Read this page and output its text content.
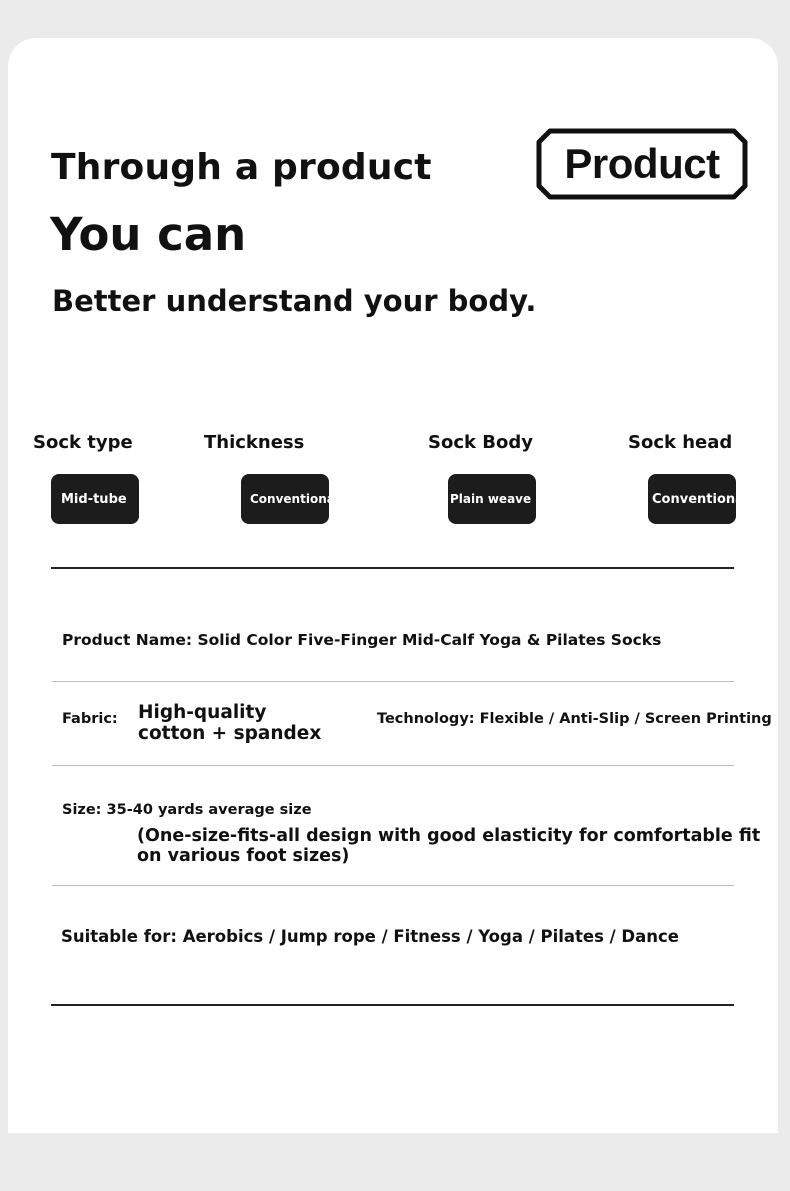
Through a product
You can
Better understand your body.
Product
Sock type	Thickness	Sock Body	Sock head
Mid-tube	Conventional	Plain weave	Conventional
Product Name: Solid Color Five-Finger Mid-Calf Yoga & Pilates Socks
Fabric: High-quality
cotton + spandex
Technology: Flexible / Anti-Slip / Screen Printing
Size: 35-40 yards average size
(One-size-fits-all design with good elasticity for comfortable fit
on various foot sizes)
Suitable for: Aerobics / Jump rope / Fitness / Yoga / Pilates / Dance
